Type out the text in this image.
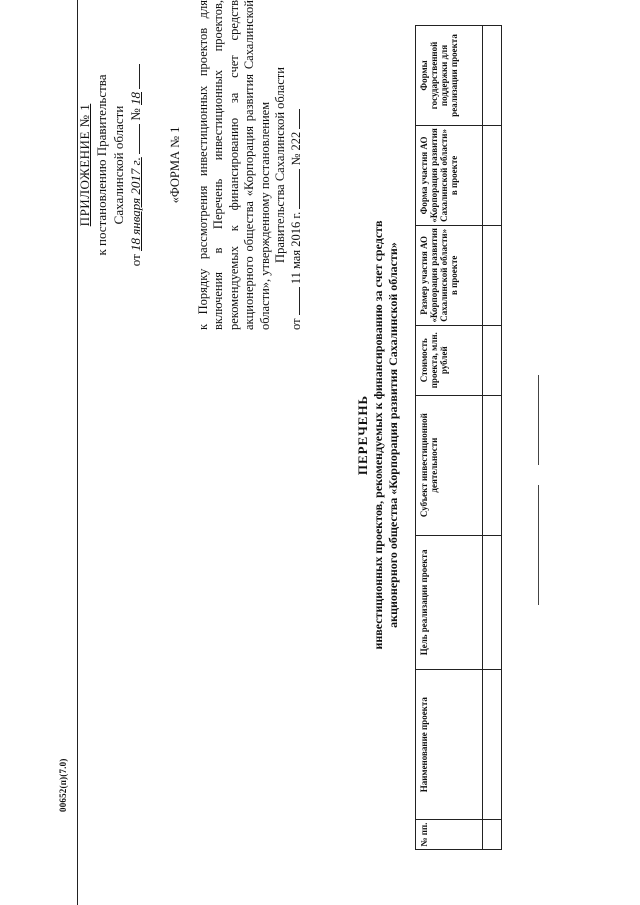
00652(п)(7.0)
ПРИЛОЖЕНИЕ № 1 к постановлению Правительства Сахалинской области
от 18 января 2017 г.  № 18
«ФОРМА № 1 к Порядку рассмотрения инвестиционных проектов для включения в Перечень инвестиционных проектов, рекомендуемых к финансированию за счет средств акционерного общества «Корпорация развития Сахалинской области», утвержденному постановлением Правительства Сахалинской области
от  11 мая 2016 г.  № 222
ПЕРЕЧЕНЬ инвестиционных проектов, рекомендуемых к финансированию за счет средств акционерного общества «Корпорация развития Сахалинской области»
№ пп.	Наименование проекта	Цель реализации проекта	Субъект инвестиционной деятельности	Стоимость проекта, млн. рублей	Размер участия АО «Корпорация развития Сахалинской области» в проекте	Форма участия АО «Корпорация развития Сахалинской области» в проекте	Формы государственной поддержки для реализации проекта
